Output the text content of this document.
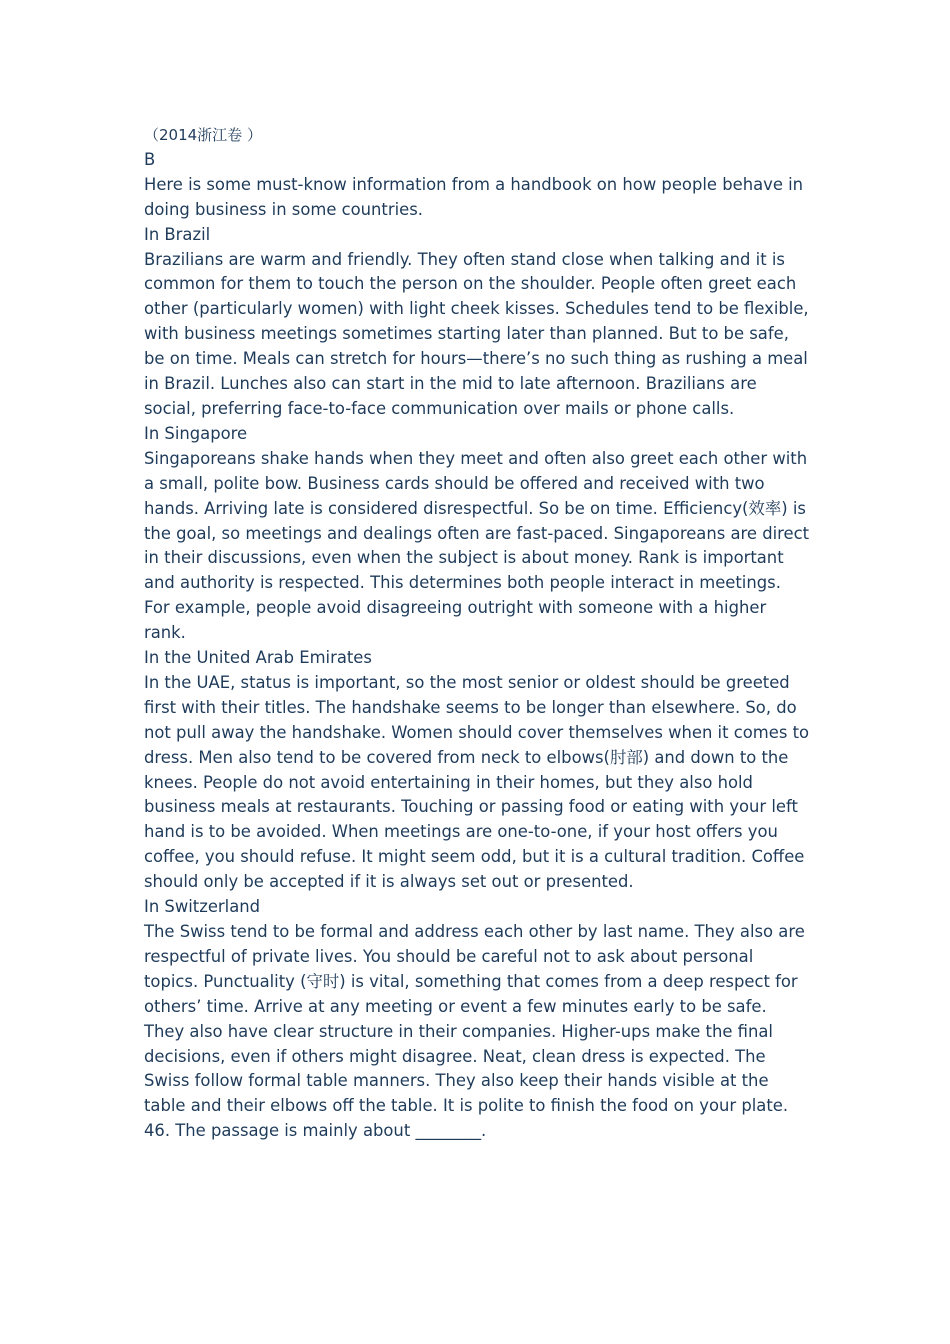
（2014浙江卷 ）
B
Here is some must-know information from a handbook on how people behave in doing business in some countries.
In Brazil
Brazilians are warm and friendly. They often stand close when talking and it is common for them to touch the person on the shoulder. People often greet each other (particularly women) with light cheek kisses. Schedules tend to be flexible, with business meetings sometimes starting later than planned. But to be safe, be on time. Meals can stretch for hours—there’s no such thing as rushing a meal in Brazil. Lunches also can start in the mid to late afternoon. Brazilians are social, preferring face-to-face communication over mails or phone calls.
In Singapore
Singaporeans shake hands when they meet and often also greet each other with a small, polite bow. Business cards should be offered and received with two hands. Arriving late is considered disrespectful. So be on time. Efficiency(效率) is the goal, so meetings and dealings often are fast-paced. Singaporeans are direct in their discussions, even when the subject is about money. Rank is important and authority is respected. This determines both people interact in meetings. For example, people avoid disagreeing outright with someone with a higher rank.
In the United Arab Emirates
In the UAE, status is important, so the most senior or oldest should be greeted first with their titles. The handshake seems to be longer than elsewhere. So, do not pull away the handshake. Women should cover themselves when it comes to dress. Men also tend to be covered from neck to elbows(肘部) and down to the knees. People do not avoid entertaining in their homes, but they also hold business meals at restaurants. Touching or passing food or eating with your left hand is to be avoided. When meetings are one-to-one, if your host offers you coffee, you should refuse. It might seem odd, but it is a cultural tradition. Coffee should only be accepted if it is always set out or presented.
In Switzerland
The Swiss tend to be formal and address each other by last name. They also are respectful of private lives. You should be careful not to ask about personal topics. Punctuality (守时) is vital, something that comes from a deep respect for others’ time. Arrive at any meeting or event a few minutes early to be safe. They also have clear structure in their companies. Higher-ups make the final decisions, even if others might disagree. Neat, clean dress is expected. The Swiss follow formal table manners. They also keep their hands visible at the table and their elbows off the table. It is polite to finish the food on your plate.
46. The passage is mainly about ________.
